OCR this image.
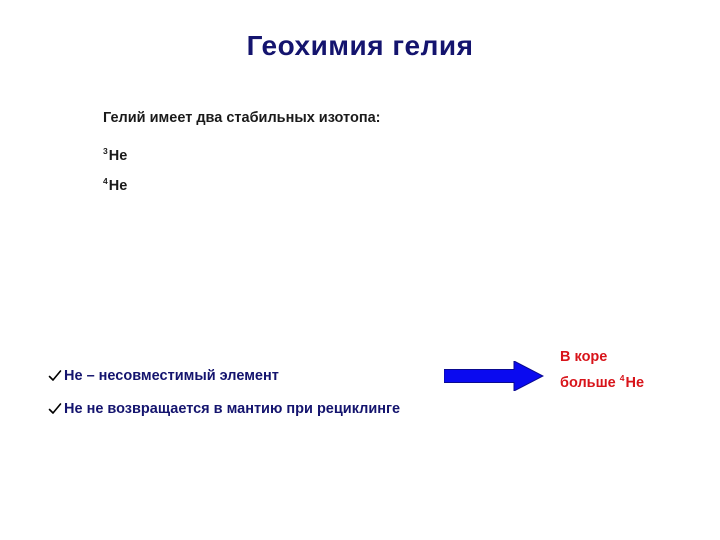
Геохимия гелия
Гелий имеет два стабильных изотопа:
$^3$He
$^4$He
He – несовместимый элемент
He не возвращается в мантию при рециклинге
В коре
больше $^4$He
